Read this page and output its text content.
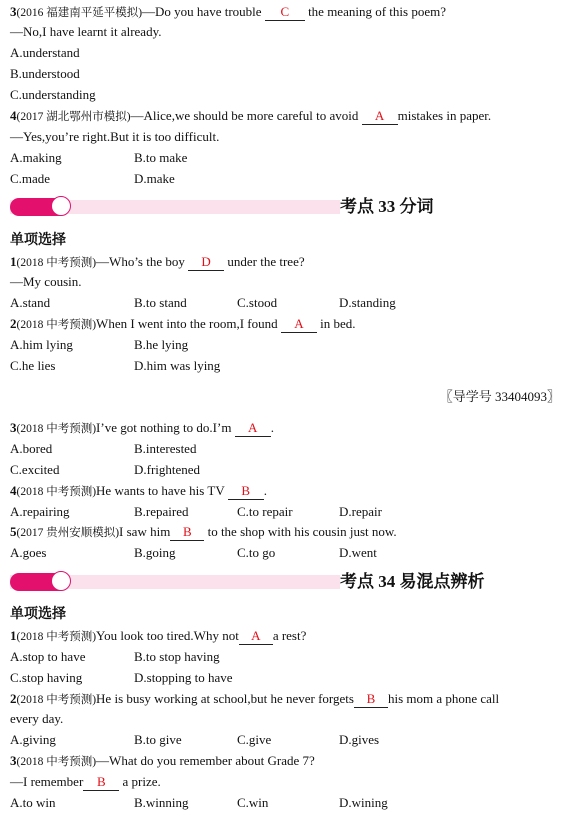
3(2016 福建南平延平模拟)—Do you have trouble C the meaning of this poem?
—No,I have learnt it already.
A.understand
B.understood
C.understanding
4(2017 湖北鄂州市模拟)—Alice,we should be more careful to avoid A mistakes in paper.
—Yes,you’re right.But it is too difficult.
A.making	B.to make
C.made	D.make
考点 33 分词
单项选择
1(2018 中考预测)—Who’s the boy D under the tree?
—My cousin.
A.stand	B.to stand	C.stood	D.standing
2(2018 中考预测)When I went into the room,I found A in bed.
A.him lying	B.he lying
C.he lies	D.him was lying
〖导学号 33404093〗
3(2018 中考预测)I’ve got nothing to do.I’m A .
A.bored	B.interested
C.excited	D.frightened
4(2018 中考预测)He wants to have his TV B .
A.repairing	B.repaired	C.to repair	D.repair
5(2017 贵州安顺模拟)I saw him B to the shop with his cousin just now.
A.goes	B.going	C.to go	D.went
考点 34 易混点辨析
单项选择
1(2018 中考预测)You look too tired.Why not A a rest?
A.stop to have	B.to stop having
C.stop having	D.stopping to have
2(2018 中考预测)He is busy working at school,but he never forgets B his mom a phone call
every day.
A.giving	B.to give	C.give	D.gives
3(2018 中考预测)—What do you remember about Grade 7?
—I remember B a prize.
A.to win	B.winning	C.win	D.wining
